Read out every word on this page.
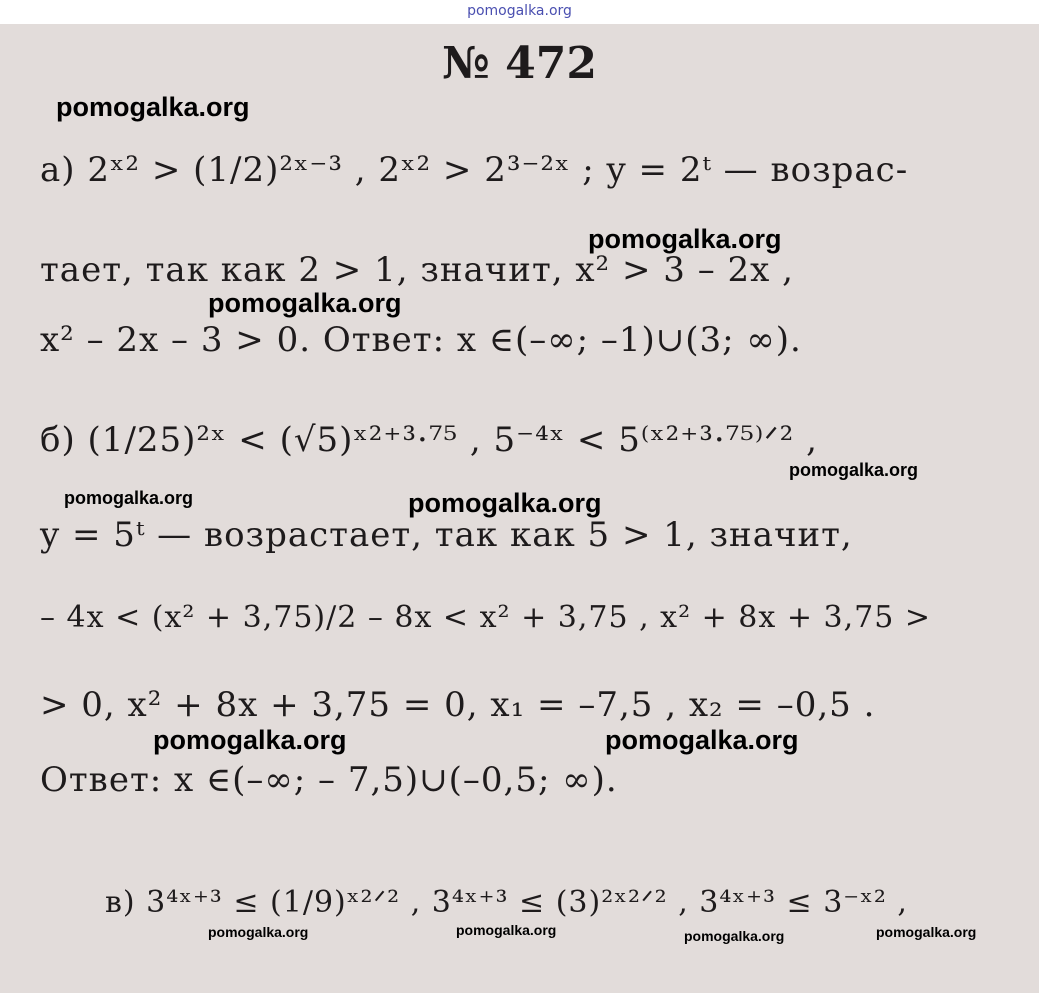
pomogalka.org
№ 472
а) 2ˣ² > (1/2)²ˣ⁻³ , 2ˣ² > 2³⁻²ˣ ; y = 2ᵗ — возрас-
тает, так как 2 > 1, значит, x² > 3 – 2x ,
x² – 2x – 3 > 0. Ответ: x ∈(–∞; –1)∪(3; ∞).
б) (1/25)²ˣ < (√5)ˣ²⁺³·⁷⁵ , 5⁻⁴ˣ < 5⁽ˣ²⁺³·⁷⁵⁾ᐟ² ,
y = 5ᵗ — возрастает, так как 5 > 1, значит,
– 4x < (x² + 3,75)/2 – 8x < x² + 3,75 , x² + 8x + 3,75 >
> 0, x² + 8x + 3,75 = 0, x₁ = –7,5 , x₂ = –0,5 .
Ответ: x ∈(–∞; – 7,5)∪(–0,5; ∞).
в) 3⁴ˣ⁺³ ≤ (1/9)ˣ²ᐟ² , 3⁴ˣ⁺³ ≤ (3)²ˣ²ᐟ² , 3⁴ˣ⁺³ ≤ 3⁻ˣ² ,
pomogalka.org
pomogalka.org
pomogalka.org
pomogalka.org
pomogalka.org	pomogalka.org
pomogalka.org	pomogalka.org
pomogalka.org	pomogalka.org	pomogalka.org	pomogalka.org
